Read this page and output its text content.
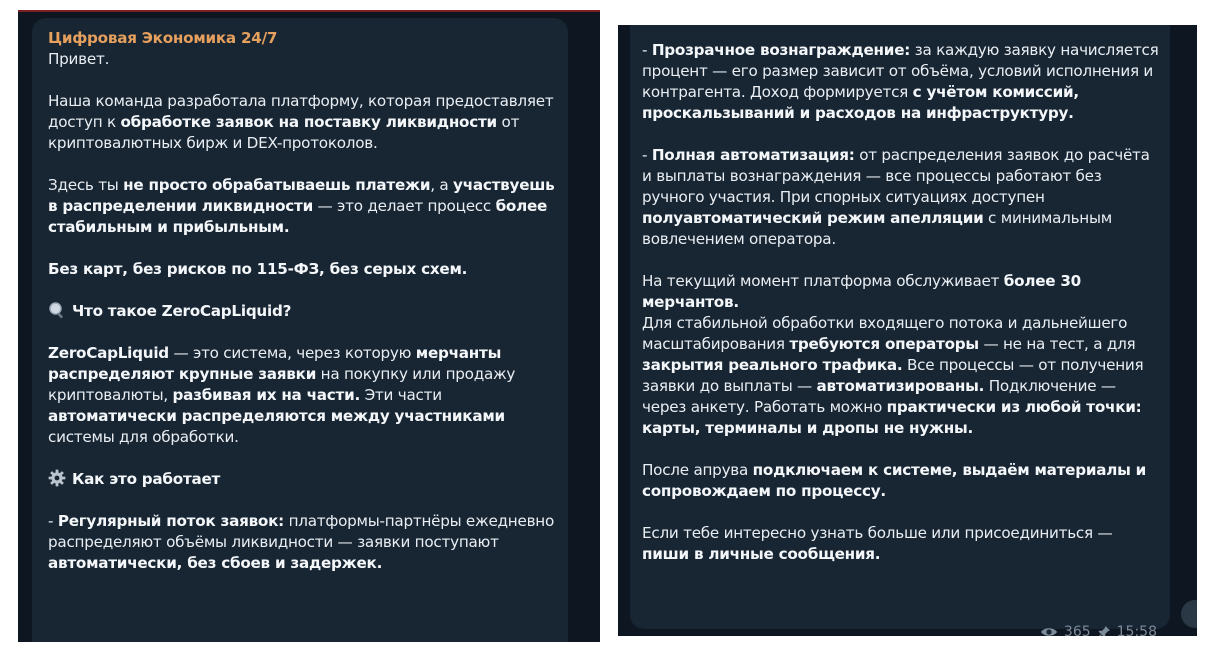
Цифровая Экономика 24/7

Привет.

Наша команда разработала платформу, которая предоставляет доступ к обработке заявок на поставку ликвидности от криптовалютных бирж и DEX-протоколов.

Здесь ты не просто обрабатываешь платежи, а участвуешь в распределении ликвидности — это делает процесс более стабильным и прибыльным.

Без карт, без рисков по 115-ФЗ, без серых схем.

Что такое ZeroCapLiquid?

ZeroCapLiquid — это система, через которую мерчанты распределяют крупные заявки на покупку или продажу криптовалюты, разбивая их на части. Эти части автоматически распределяются между участниками системы для обработки.

Как это работает

- Регулярный поток заявок: платформы-партнёры ежедневно распределяют объёмы ликвидности — заявки поступают автоматически, без сбоев и задержек.

- Прозрачное вознаграждение: за каждую заявку начисляется процент — его размер зависит от объёма, условий исполнения и контрагента. Доход формируется с учётом комиссий, проскальзываний и расходов на инфраструктуру.

- Полная автоматизация: от распределения заявок до расчёта и выплаты вознаграждения — все процессы работают без ручного участия. При спорных ситуациях доступен полуавтоматический режим апелляции с минимальным вовлечением оператора.

На текущий момент платформа обслуживает более 30 мерчантов.

Для стабильной обработки входящего потока и дальнейшего масштабирования требуются операторы — не на тест, а для закрытия реального трафика. Все процессы — от получения заявки до выплаты — автоматизированы. Подключение — через анкету. Работать можно практически из любой точки: карты, терминалы и дропы не нужны.

После апрува подключаем к системе, выдаём материалы и сопровождаем по процессу.

Если тебе интересно узнать больше или присоединиться — пиши в личные сообщения.

365 15:58
